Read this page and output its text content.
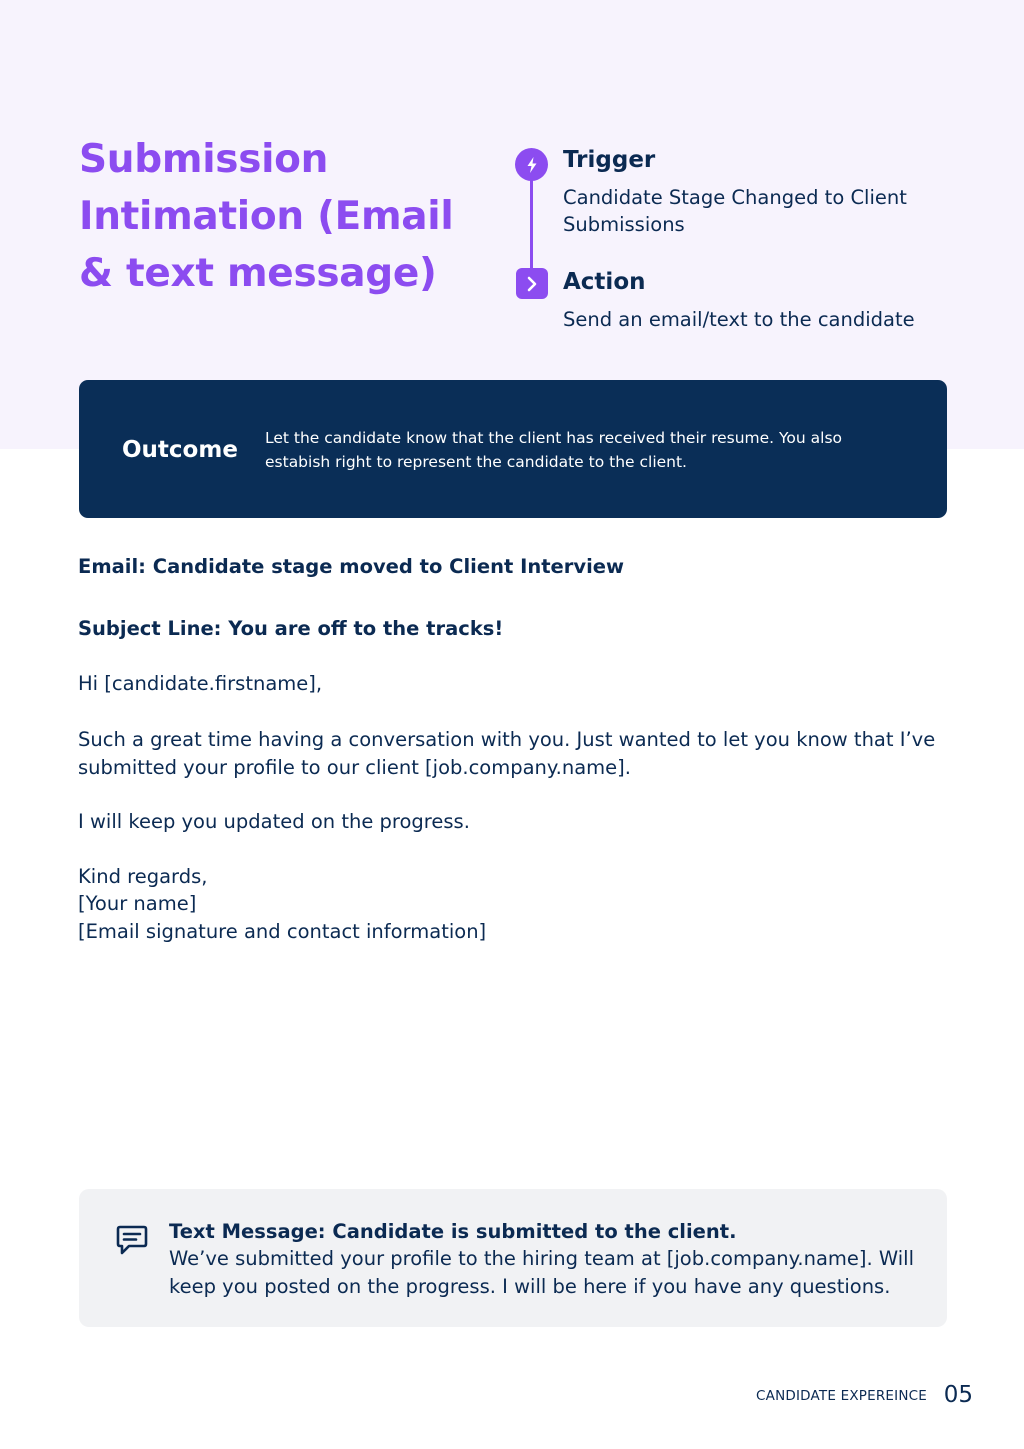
Submission
Intimation (Email
& text message)
Trigger
Candidate Stage Changed to Client Submissions
Action
Send an email/text to the candidate
Outcome Let the candidate know that the client has received their resume. You also estabish right to represent the candidate to the client.
Email: Candidate stage moved to Client Interview
Subject Line: You are off to the tracks!
Hi [candidate.firstname],
Such a great time having a conversation with you. Just wanted to let you know that I’ve submitted your profile to our client [job.company.name].
I will keep you updated on the progress.
Kind regards,
[Your name]
[Email signature and contact information]
Text Message: Candidate is submitted to the client.
We’ve submitted your profile to the hiring team at [job.company.name]. Will keep you posted on the progress. I will be here if you have any questions.
CANDIDATE EXPEREINCE 05
